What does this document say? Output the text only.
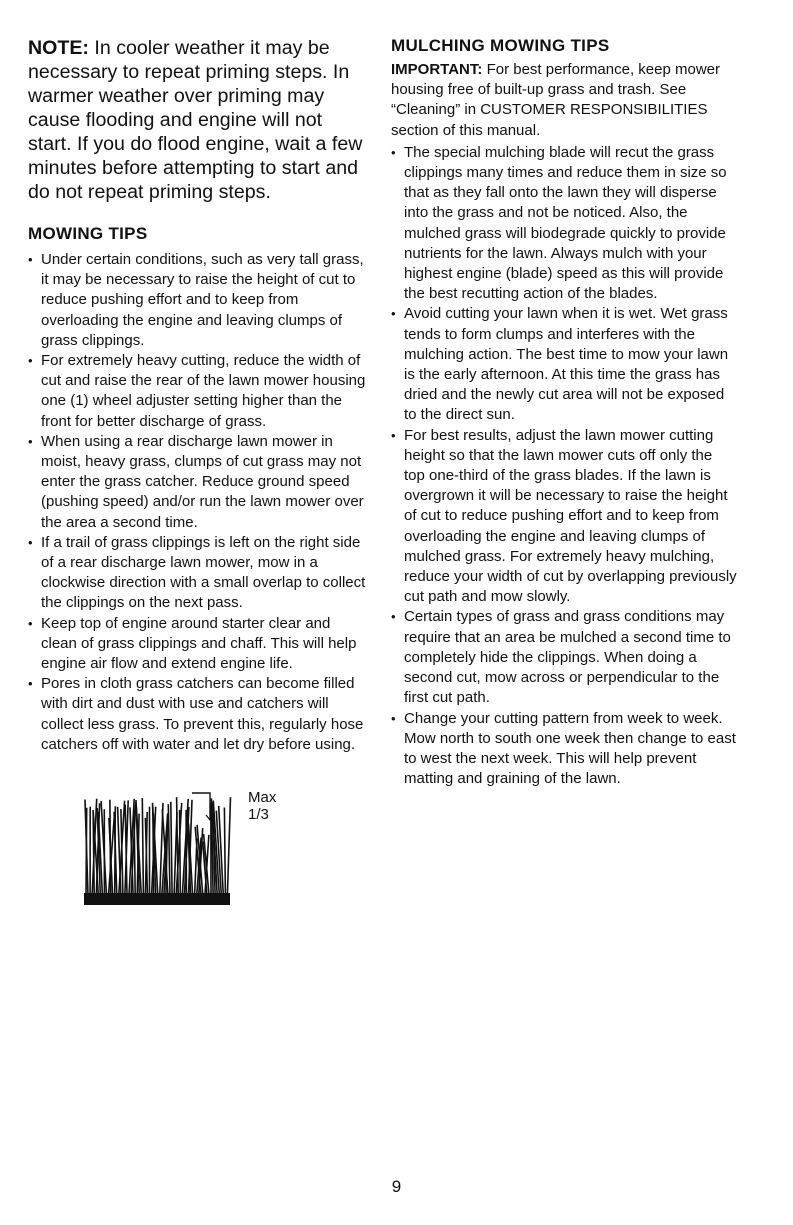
NOTE: In cooler weather it may be necessary to repeat priming steps. In warmer weather over priming may cause flooding and engine will not start. If you do flood engine, wait a few minutes before attempting to start and do not repeat priming steps.

MOWING TIPS
• Under certain conditions, such as very tall grass, it may be necessary to raise the height of cut to reduce pushing effort and to keep from overloading the engine and leaving clumps of grass clippings.
• For extremely heavy cutting, reduce the width of cut and raise the rear of the lawn mower housing one (1) wheel adjuster setting higher than the front for better discharge of grass.
• When using a rear discharge lawn mower in moist, heavy grass, clumps of cut grass may not enter the grass catcher. Reduce ground speed (pushing speed) and/or run the lawn mower over the area a second time.
• If a trail of grass clippings is left on the right side of a rear discharge lawn mower, mow in a clockwise direction with a small overlap to collect the clippings on the next pass.
• Keep top of engine around starter clear and clean of grass clippings and chaff. This will help engine air flow and extend engine life.
• Pores in cloth grass catchers can become filled with dirt and dust with use and catchers will collect less grass. To prevent this, regularly hose catchers off with water and let dry before using.
Max 1/3
MULCHING MOWING TIPS

IMPORTANT: For best performance, keep mower housing free of built-up grass and trash. See “Cleaning” in CUSTOMER RESPONSIBILITIES section of this manual.

• The special mulching blade will recut the grass clippings many times and reduce them in size so that as they fall onto the lawn they will disperse into the grass and not be noticed. Also, the mulched grass will biodegrade quickly to provide nutrients for the lawn. Always mulch with your highest engine (blade) speed as this will provide the best recutting action of the blades.
• Avoid cutting your lawn when it is wet. Wet grass tends to form clumps and interferes with the mulching action. The best time to mow your lawn is the early afternoon. At this time the grass has dried and the newly cut area will not be exposed to the direct sun.
• For best results, adjust the lawn mower cutting height so that the lawn mower cuts off only the top one-third of the grass blades. If the lawn is overgrown it will be necessary to raise the height of cut to reduce pushing effort and to keep from overloading the engine and leaving clumps of mulched grass. For extremely heavy mulching, reduce your width of cut by overlapping previously cut path and mow slowly.
• Certain types of grass and grass conditions may require that an area be mulched a second time to completely hide the clippings. When doing a second cut, mow across or perpendicular to the first cut path.
• Change your cutting pattern from week to week. Mow north to south one week then change to east to west the next week. This will help prevent matting and graining of the lawn.
9
